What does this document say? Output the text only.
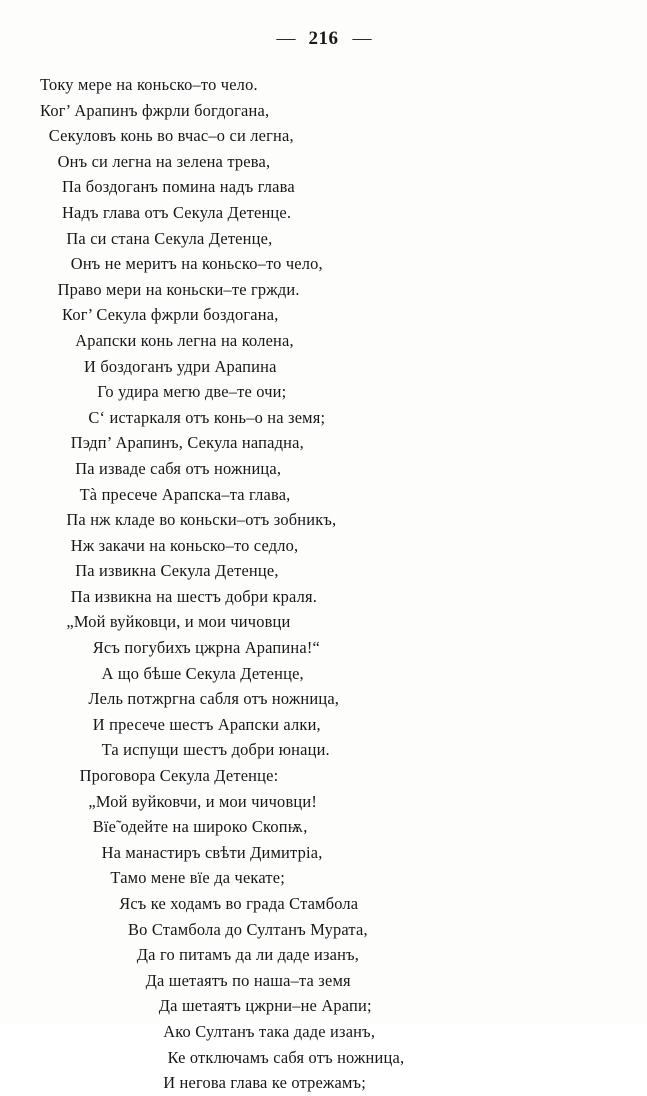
— 216 —
Току мере на коньско–то чело.
Ког’ Арапинъ фжрли богдогана,
Секуловъ конь во вчас–о си легна,
Онъ си легна на зелена трева,
Па боздоганъ помина надъ глава
Надъ глава отъ Секула Детенце.
Па си стана Секула Детенце,
Онъ не меритъ на коньско–то чело,
Право мери на коньски–те гржди.
Ког’ Секула фжрли боздогана,
Арапски конь легна на колена,
И боздоганъ удри Арапина
Го удира мегю две–те очи;
С‘ истаркаля отъ конь–о на земя;
Пэдп’ Арапинъ, Секула нападна,
Па изваде сабя отъ ножница,
Тà пресече Арапска–та глава,
Па нж кладе во коньски–отъ зобникъ,
Нж закачи на коньско–то седло,
Па извикна Секула Детенце,
Па извикна на шестъ добри краля.
„Мой вуйковци, и мои чичовци
Ясъ погубихъ цжрна Арапина!“
А що бѣше Секула Детенце,
Лель потжргна сабля отъ ножница,
И пресече шестъ Арапски алки,
Та испущи шестъ добри юнаци.
Проговора Секула Детенце:
„Мой вуйковчи, и мои чичовци!
Вїе̃ одейте на широко Скопѭ,
На манастиръ свѣти Димитріа,
Тамо мене вїе да чекате;
Ясъ ке ходамъ во града Стамбола
Во Стамбола до Султанъ Мурата,
Да го питамъ да ли даде изанъ,
Да шетаятъ по наша–та земя
Да шетаятъ цжрни–не Арапи;
Ако Султанъ така даде изанъ,
Ке отключамъ сабя отъ ножница,
И негова глава ке отрежамъ;
